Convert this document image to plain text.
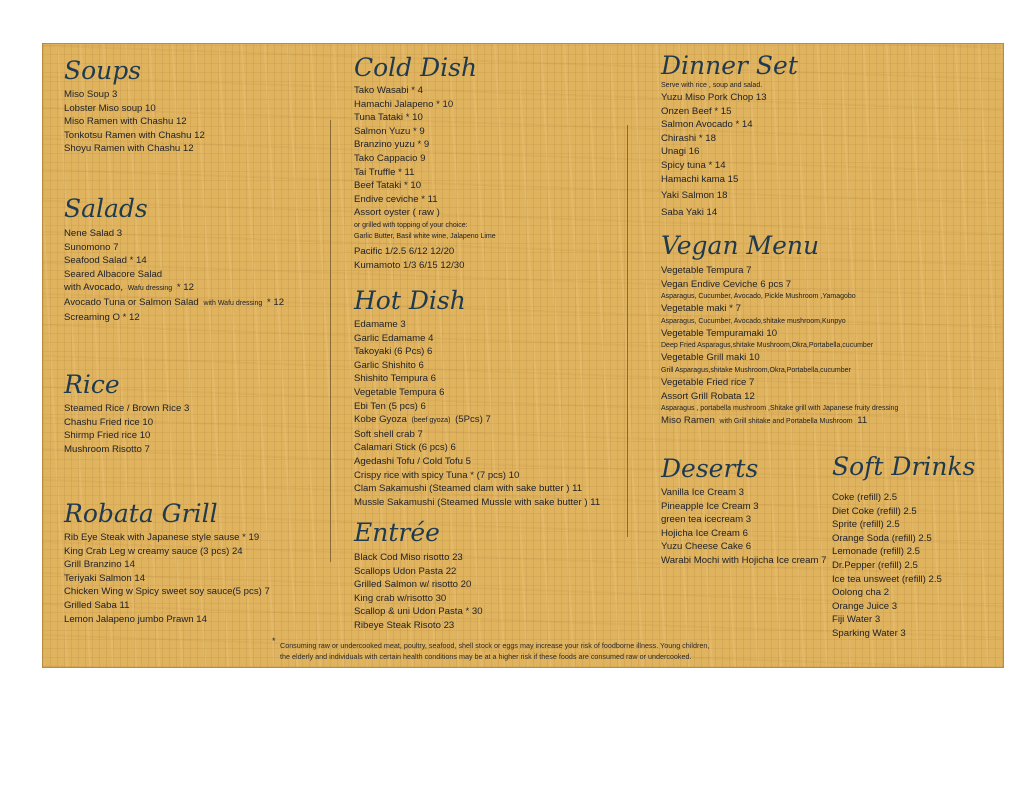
Soups
Miso Soup 3
Lobster Miso soup 10
Miso Ramen with Chashu 12
Tonkotsu Ramen with Chashu 12
Shoyu Ramen with Chashu 12
Salads
Nene Salad 3
Sunomono 7
Seafood Salad * 14
Seared Albacore Salad
with Avocado, Wafu dressing * 12
Avocado Tuna or Salmon Salad with Wafu dressing * 12
Screaming O * 12
Rice
Steamed Rice / Brown Rice 3
Chashu Fried rice 10
Shirmp Fried rice 10
Mushroom Risotto 7
Robata Grill
Rib Eye Steak with Japanese style sause * 19
King Crab Leg w creamy sauce (3 pcs) 24
Grill Branzino 14
Teriyaki Salmon 14
Chicken Wing w Spicy sweet soy sauce(5 pcs) 7
Grilled Saba 11
Lemon Jalapeno jumbo Prawn 14
Cold Dish
Tako Wasabi * 4
Hamachi Jalapeno * 10
Tuna Tataki * 10
Salmon Yuzu * 9
Branzino yuzu * 9
Tako Cappacio 9
Tai Truffle * 11
Beef Tataki * 10
Endive ceviche * 11
Assort oyster ( raw )
or grilled with topping of your choice:
Garlic Butter, Basil white wine, Jalapeno Lime
Pacific 1/2.5 6/12 12/20
Kumamoto 1/3 6/15 12/30
Hot Dish
Edamame 3
Garlic Edamame 4
Takoyaki (6 Pcs) 6
Garlic Shishito 6
Shishito Tempura 6
Vegetable Tempura 6
Ebi Ten (5 pcs) 6
Kobe Gyoza (beef gyoza) (5Pcs) 7
Soft shell crab 7
Calamari Stick (6 pcs) 6
Agedashi Tofu / Cold Tofu 5
Crispy rice with spicy Tuna * (7 pcs) 10
Clam Sakamushi (Steamed clam with sake butter ) 11
Mussle Sakamushi (Steamed Mussle with sake butter ) 11
Entrée
Black Cod Miso risotto 23
Scallops Udon Pasta 22
Grilled Salmon w/ risotto 20
King crab w/risotto 30
Scallop & uni Udon Pasta * 30
Ribeye Steak Risoto 23
Dinner Set
Serve with rice , soup and salad.
Yuzu Miso Pork Chop 13
Onzen Beef * 15
Salmon Avocado * 14
Chirashi * 18
Unagi 16
Spicy tuna * 14
Hamachi kama 15
Yaki Salmon 18
Saba Yaki 14
Vegan Menu
Vegetable Tempura 7
Vegan Endive Ceviche 6 pcs 7
Asparagus, Cucumber, Avocado, Pickle Mushroom ,Yamagobo
Vegetable maki * 7
Asparagus, Cucumber, Avocado,shitake mushroom,Kunpyo
Vegetable Tempuramaki 10
Deep Fried Asparagus,shitake Mushroom,Okra,Portabella,cucumber
Vegetable Grill maki 10
Grill Asparagus,shitake Mushroom,Okra,Portabella,cucumber
Vegetable Fried rice 7
Assort Grill Robata 12
Asparagus , portabella mushroom ,Shitake grill with Japanese fruity dressing
Miso Ramen with Grill shitake and Portabella Mushroom 11
Deserts
Vanilla Ice Cream 3
Pineapple Ice Cream 3
green tea icecream 3
Hojicha Ice Cream 6
Yuzu Cheese Cake 6
Warabi Mochi with Hojicha Ice cream 7
Soft Drinks
Coke (refill) 2.5
Diet Coke (refill) 2.5
Sprite (refill) 2.5
Orange Soda (refill) 2.5
Lemonade (refill) 2.5
Dr.Pepper (refill) 2.5
Ice tea unsweet (refill) 2.5
Oolong cha 2
Orange Juice 3
Fiji Water 3
Sparking Water 3
* Consuming raw or undercooked meat, poultry, seafood, shell stock or eggs may increase your risk of foodborne illness. Young children,
the elderly and individuals with certain health conditions may be at a higher risk if these foods are consumed raw or undercooked.
